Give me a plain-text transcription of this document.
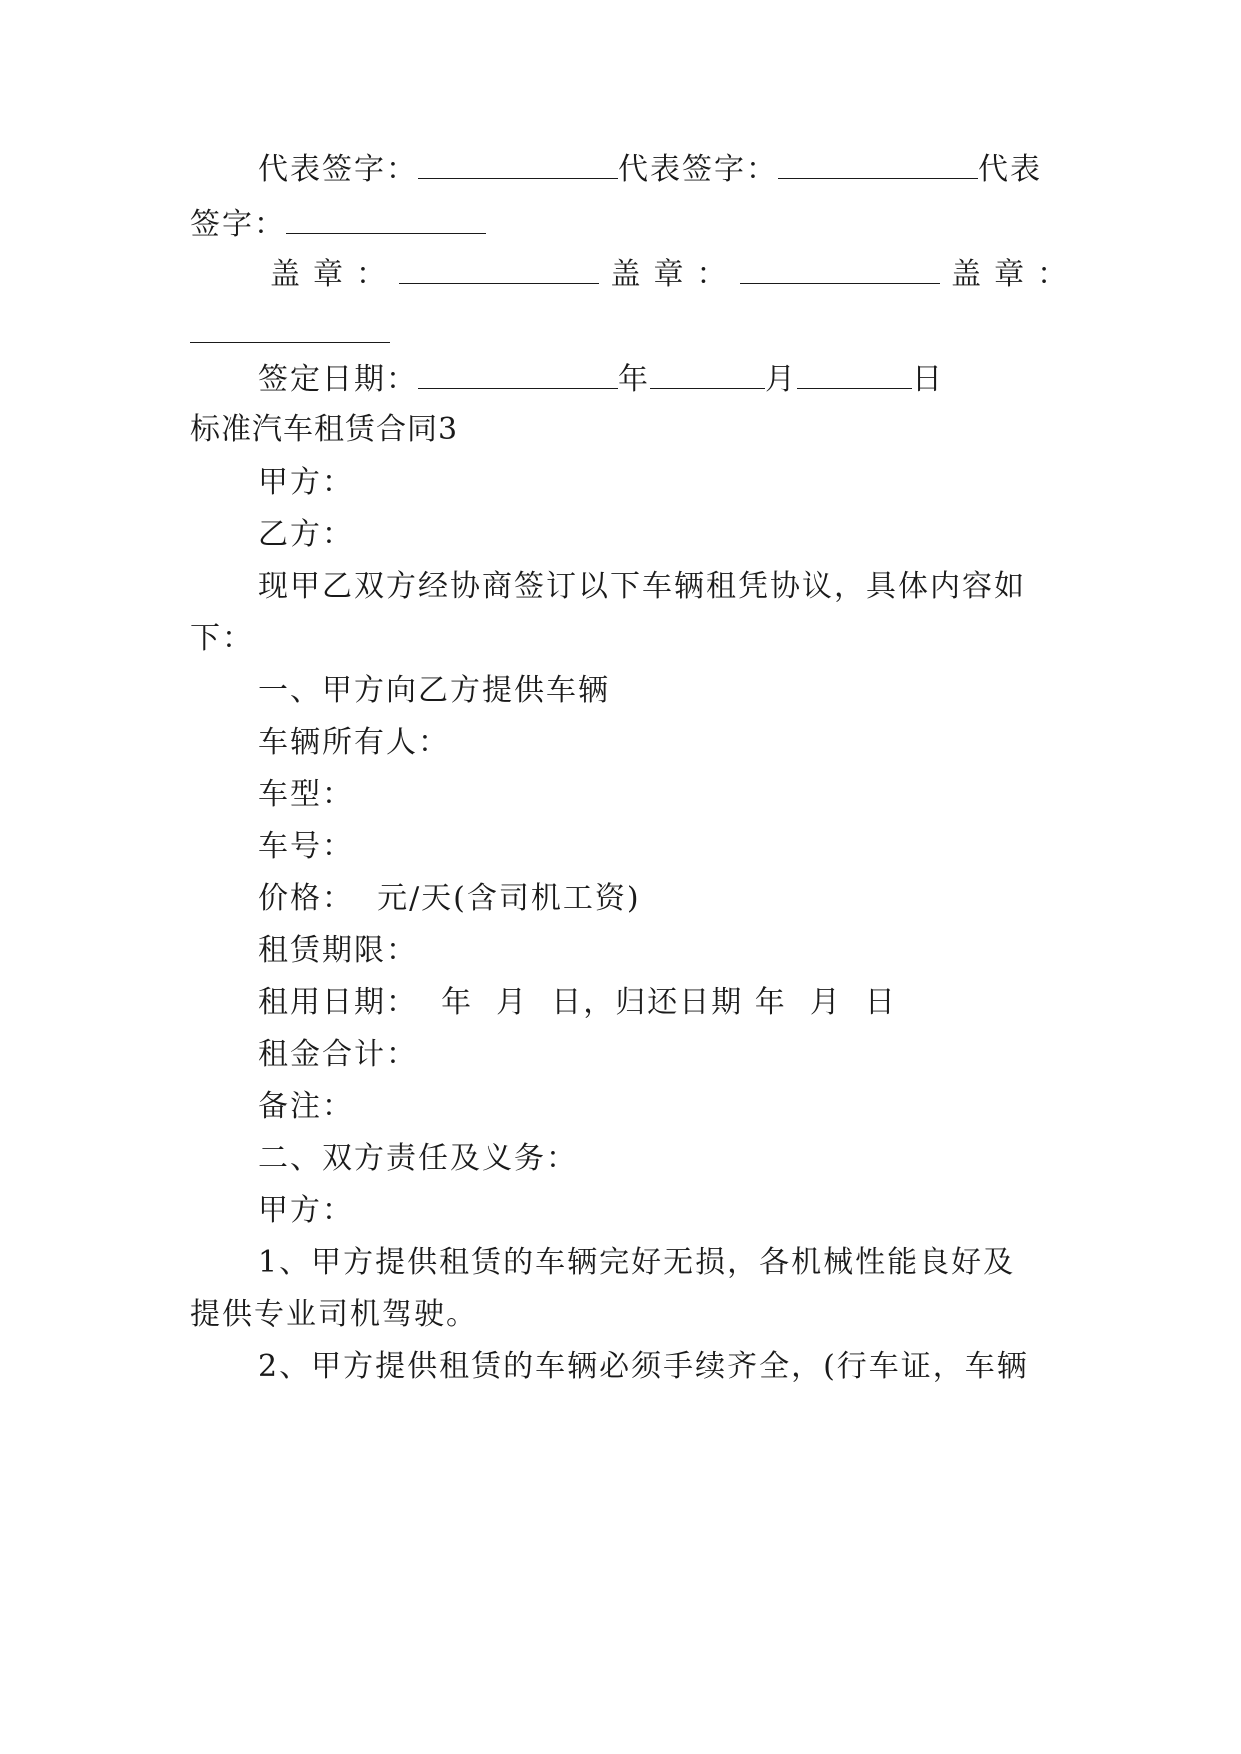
代表签字：	代表签字：	代表
签字：
盖章：	盖章：	盖章：
签定日期：	年	月	日
标准汽车租赁合同3
甲方：
乙方：
现甲乙双方经协商签订以下车辆租凭协议，具体内容如
下：
一、甲方向乙方提供车辆
车辆所有人：
车型：
车号：
价格：  元/天(含司机工资)
租赁期限：
租用日期：  年  月  日，归还日期 年  月  日
租金合计：
备注：
二、双方责任及义务：
甲方：
1、甲方提供租赁的车辆完好无损，各机械性能良好及
提供专业司机驾驶。
2、甲方提供租赁的车辆必须手续齐全，(行车证，车辆
